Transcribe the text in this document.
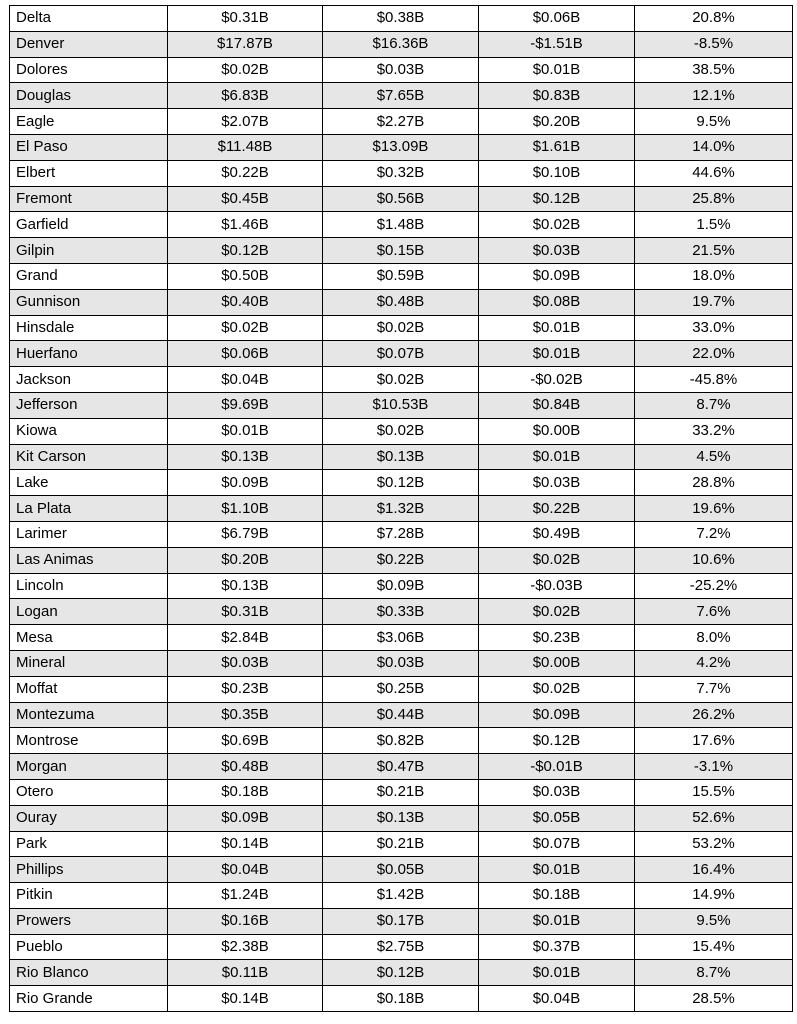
Delta	$0.31B	$0.38B	$0.06B	20.8%
Denver	$17.87B	$16.36B	-$1.51B	-8.5%
Dolores	$0.02B	$0.03B	$0.01B	38.5%
Douglas	$6.83B	$7.65B	$0.83B	12.1%
Eagle	$2.07B	$2.27B	$0.20B	9.5%
El Paso	$11.48B	$13.09B	$1.61B	14.0%
Elbert	$0.22B	$0.32B	$0.10B	44.6%
Fremont	$0.45B	$0.56B	$0.12B	25.8%
Garfield	$1.46B	$1.48B	$0.02B	1.5%
Gilpin	$0.12B	$0.15B	$0.03B	21.5%
Grand	$0.50B	$0.59B	$0.09B	18.0%
Gunnison	$0.40B	$0.48B	$0.08B	19.7%
Hinsdale	$0.02B	$0.02B	$0.01B	33.0%
Huerfano	$0.06B	$0.07B	$0.01B	22.0%
Jackson	$0.04B	$0.02B	-$0.02B	-45.8%
Jefferson	$9.69B	$10.53B	$0.84B	8.7%
Kiowa	$0.01B	$0.02B	$0.00B	33.2%
Kit Carson	$0.13B	$0.13B	$0.01B	4.5%
Lake	$0.09B	$0.12B	$0.03B	28.8%
La Plata	$1.10B	$1.32B	$0.22B	19.6%
Larimer	$6.79B	$7.28B	$0.49B	7.2%
Las Animas	$0.20B	$0.22B	$0.02B	10.6%
Lincoln	$0.13B	$0.09B	-$0.03B	-25.2%
Logan	$0.31B	$0.33B	$0.02B	7.6%
Mesa	$2.84B	$3.06B	$0.23B	8.0%
Mineral	$0.03B	$0.03B	$0.00B	4.2%
Moffat	$0.23B	$0.25B	$0.02B	7.7%
Montezuma	$0.35B	$0.44B	$0.09B	26.2%
Montrose	$0.69B	$0.82B	$0.12B	17.6%
Morgan	$0.48B	$0.47B	-$0.01B	-3.1%
Otero	$0.18B	$0.21B	$0.03B	15.5%
Ouray	$0.09B	$0.13B	$0.05B	52.6%
Park	$0.14B	$0.21B	$0.07B	53.2%
Phillips	$0.04B	$0.05B	$0.01B	16.4%
Pitkin	$1.24B	$1.42B	$0.18B	14.9%
Prowers	$0.16B	$0.17B	$0.01B	9.5%
Pueblo	$2.38B	$2.75B	$0.37B	15.4%
Rio Blanco	$0.11B	$0.12B	$0.01B	8.7%
Rio Grande	$0.14B	$0.18B	$0.04B	28.5%
